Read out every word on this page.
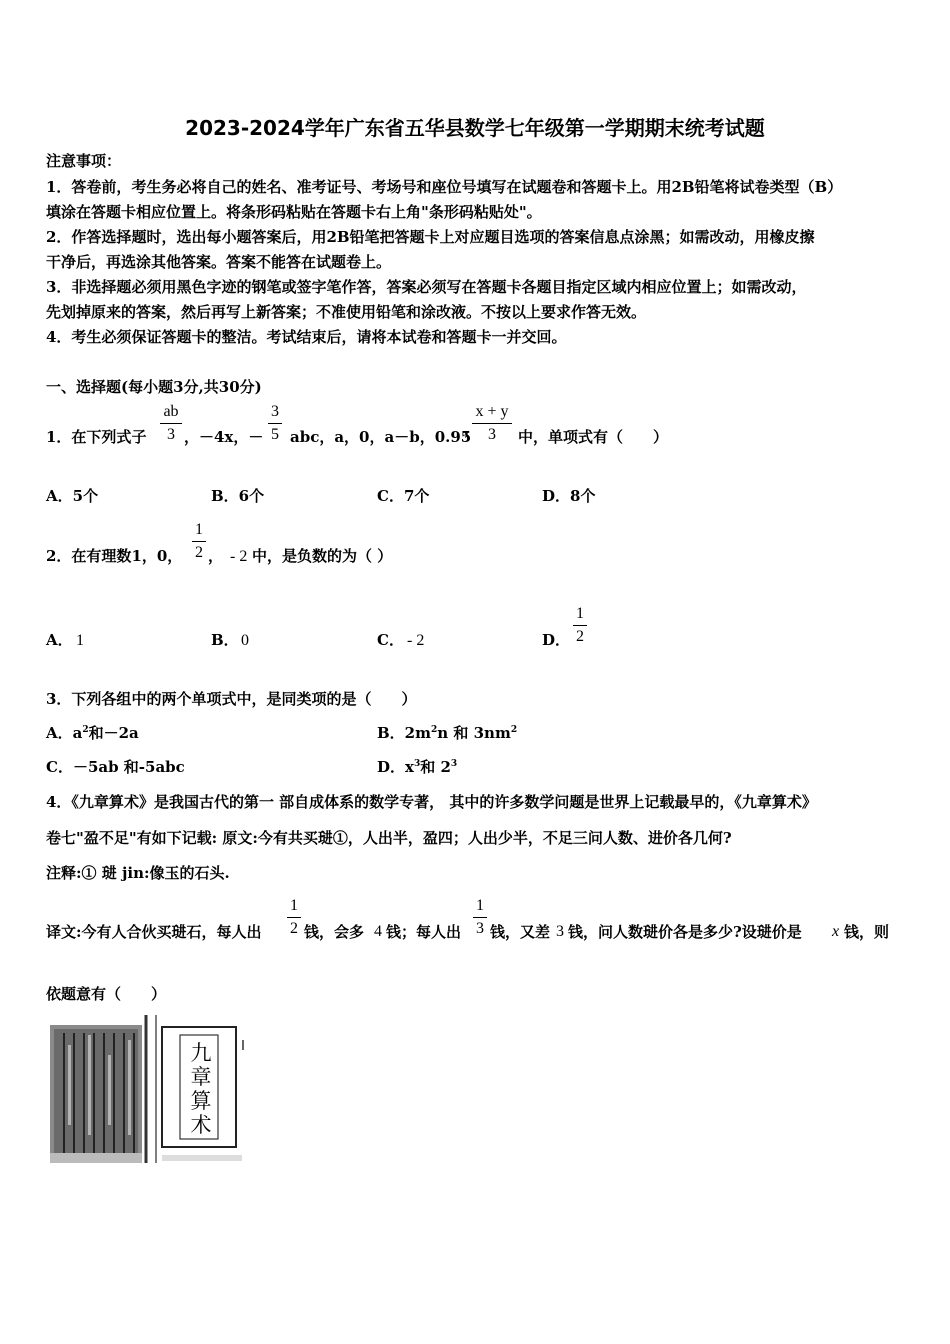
2023-2024学年广东省五华县数学七年级第一学期期末统考试题
注意事项：
1．答卷前，考生务必将自己的姓名、准考证号、考场号和座位号填写在试题卷和答题卡上。用2B铅笔将试卷类型（B）
填涂在答题卡相应位置上。将条形码粘贴在答题卡右上角"条形码粘贴处"。
2．作答选择题时，选出每小题答案后，用2B铅笔把答题卡上对应题目选项的答案信息点涂黑；如需改动，用橡皮擦
干净后，再选涂其他答案。答案不能答在试题卷上。
3．非选择题必须用黑色字迹的钢笔或签字笔作答，答案必须写在答题卡各题目指定区域内相应位置上；如需改动，
先划掉原来的答案，然后再写上新答案；不准使用铅笔和涂改液。不按以上要求作答无效。
4．考生必须保证答题卡的整洁。考试结束后，请将本试卷和答题卡一并交回。
一、选择题(每小题3分,共30分)
1．在下列式子
ab
3 ，－4x，－
3
5 abc，a，0，a－b，0.95
，
x + y
3	中，单项式有（　　）
A．5个	B．6个	C．7个	D．8个
2．在有理数1，0，
1
2 ， - 2 中，是负数的为（ ）
A． 1	B． 0	C． - 2	D．
1
2
3．下列各组中的两个单项式中，是同类项的是（　　）
A．$a^2$和－2a	B．$2m^2n$ 和 $3nm^2$
C．－5ab 和-5abc	D．$x^3$和 $2^3$
4．《九章算术》是我国古代的第一 部自成体系的数学专著， 其中的许多数学问题是世界上记载最早的，《九章算术》
卷七"盈不足"有如下记载: 原文:今有共买琎①，人出半，盈四；人出少半，不足三问人数、进价各几何?
注释:① 琎 jin:像玉的石头.
译文:今有人合伙买琎石，每人出
1
2 钱，会多 4 钱；每人出
1
3 钱，又差 3 钱，问人数琎价各是多少?设琎价是 x 钱，则
依题意有（　　）
九章算术
